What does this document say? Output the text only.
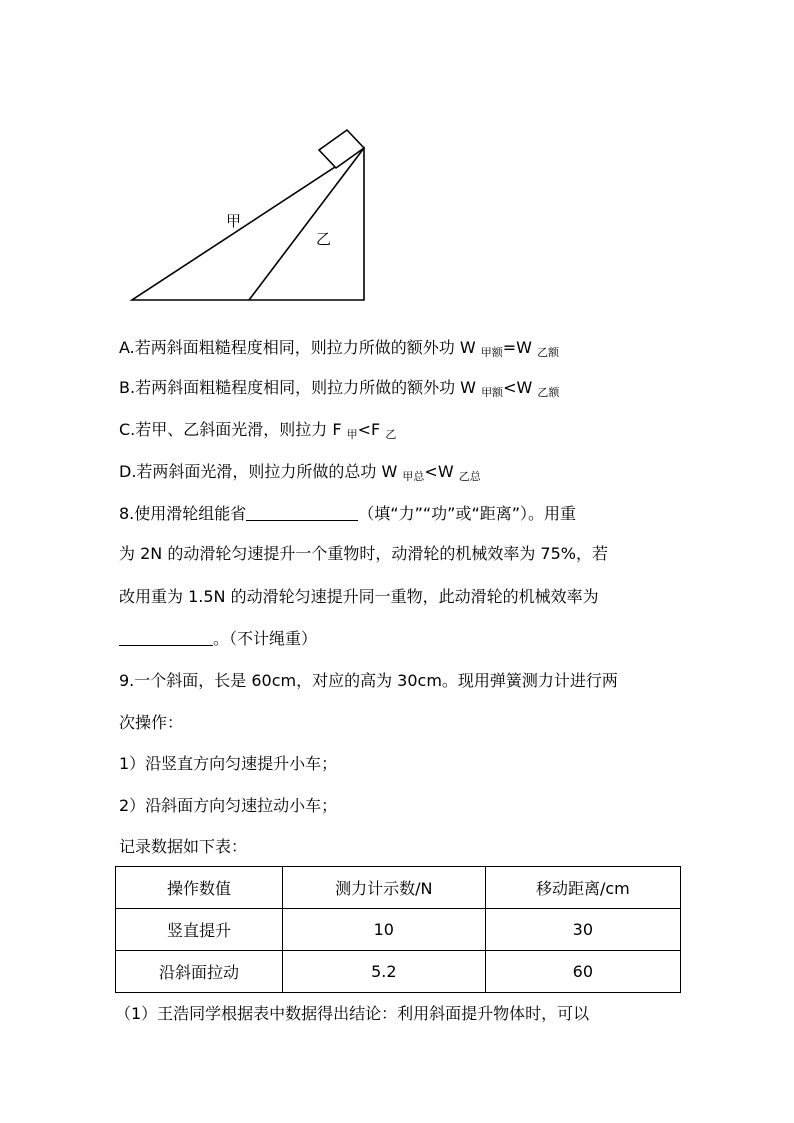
甲
乙
A.若两斜面粗糙程度相同，则拉力所做的额外功 W $_{甲额}$=W $_{乙额}$
B.若两斜面粗糙程度相同，则拉力所做的额外功 W $_{甲额}$<W $_{乙额}$
C.若甲、乙斜面光滑，则拉力 F $_甲$<F $_乙$
D.若两斜面光滑，则拉力所做的总功 W $_{甲总}$<W $_{乙总}$
8.使用滑轮组能省	（填“力”“功”或“距离”）。用重
为 2N 的动滑轮匀速提升一个重物时，动滑轮的机械效率为 75%，若
改用重为 1.5N 的动滑轮匀速提升同一重物，此动滑轮的机械效率为
。（不计绳重）
9.一个斜面，长是 60cm，对应的高为 30cm。现用弹簧测力计进行两
次操作：
1）沿竖直方向匀速提升小车；
2）沿斜面方向匀速拉动小车；
记录数据如下表：
操作数值	测力计示数/N	移动距离/cm
竖直提升	10	30
沿斜面拉动	5.2	60
（1）王浩同学根据表中数据得出结论：利用斜面提升物体时，可以
